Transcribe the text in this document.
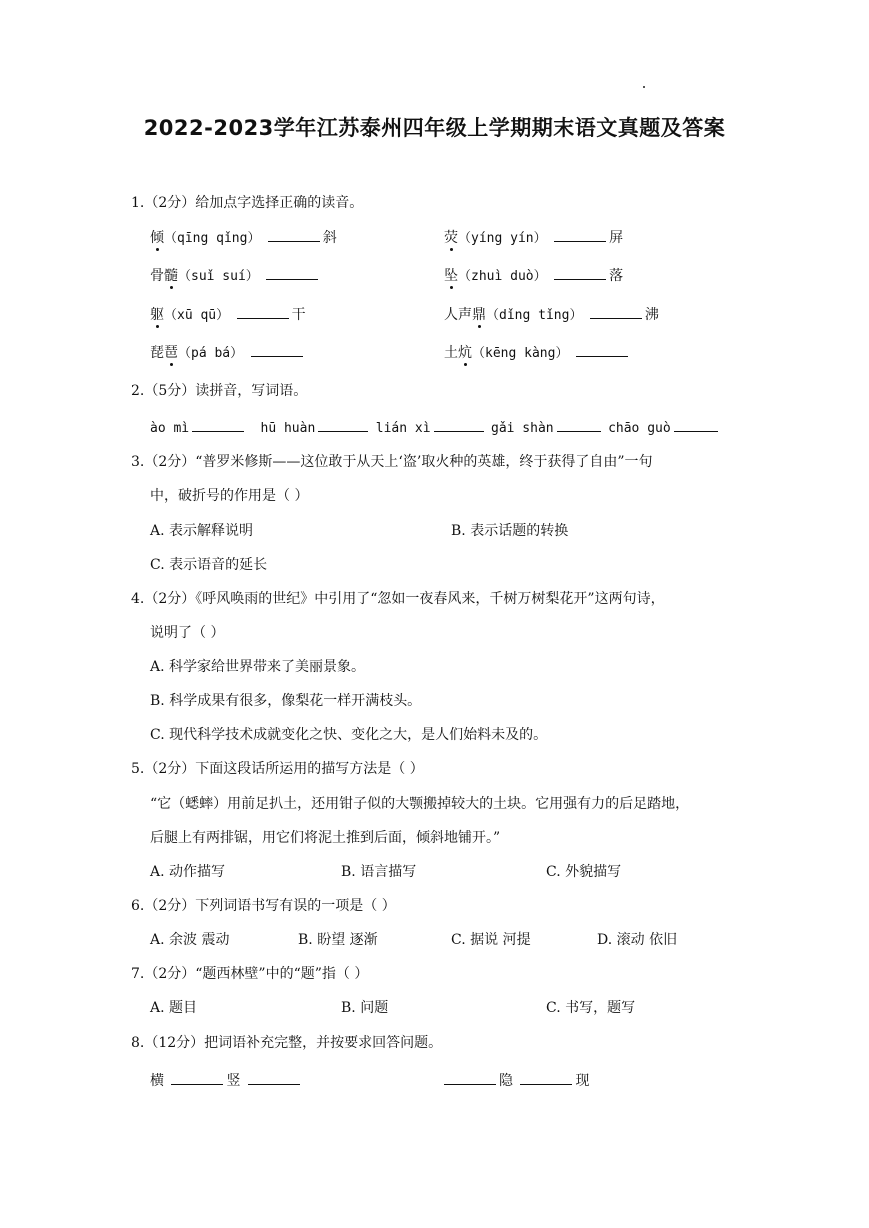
2022-2023学年江苏泰州四年级上学期期末语文真题及答案
1.（2分）给加点字选择正确的读音。
倾（qīng qǐng）	斜	荧（yíng yín）	屏
骨髓（suǐ suí）	坠（zhuì duò）	落
躯（xū qū）	干	人声鼎（dǐng tǐng）	沸
琵琶（pá bá）	土炕（kēng kàng）
2.（5分）读拼音，写词语。
ào mì	hū huàn	lián xì	gǎi shàn	chāo guò
3.（2分）“普罗米修斯——这位敢于从天上‘盗’取火种的英雄，终于获得了自由”一句
中，破折号的作用是（ ）
A. 表示解释说明	B. 表示话题的转换
C. 表示语音的延长
4.（2分）《呼风唤雨的世纪》中引用了“忽如一夜春风来，千树万树梨花开”这两句诗，
说明了（ ）
A. 科学家给世界带来了美丽景象。
B. 科学成果有很多，像梨花一样开满枝头。
C. 现代科学技术成就变化之快、变化之大，是人们始料未及的。
5.（2分）下面这段话所运用的描写方法是（ ）
“它（蟋蟀）用前足扒土，还用钳子似的大颚搬掉较大的土块。它用强有力的后足踏地，
后腿上有两排锯，用它们将泥土推到后面，倾斜地铺开。”
A. 动作描写	B. 语言描写	C. 外貌描写
6.（2分）下列词语书写有误的一项是（ ）
A. 余波 震动	B. 盼望 逐渐	C. 据说 河提	D. 滚动 依旧
7.（2分）“题西林壁”中的“题”指（ ）
A. 题目	B. 问题	C. 书写，题写
8.（12分）把词语补充完整，并按要求回答问题。
横	竖	隐	现
